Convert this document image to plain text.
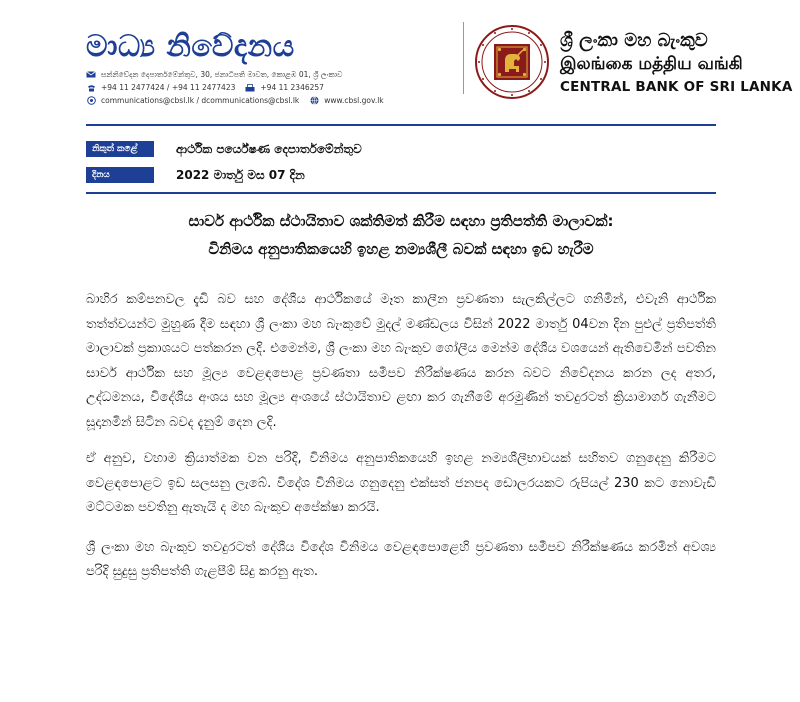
මාධ්‍ය නිවේදනය
සන්නිවේදන දෙපාර්තමේන්තුව, 30, ජනාධිපති මාවත, කොළඹ 01, ශ්‍රී ලංකාව
+94 11 2477424 / +94 11 2477423	+94 11 2346257
communications@cbsl.lk / dcommunications@cbsl.lk	www.cbsl.gov.lk
ශ්‍රී ලංකා මහ බැංකුව
இலங்கை மத்திய வங்கி
CENTRAL BANK OF SRI LANKA
නිකුත් කළේ	ආර්ථික පර්යේෂණ දෙපාර්තමේන්තුව
දිනය	2022 මාර්තු මස 07 දින
සාර්ව ආර්ථික ස්ථායිතාව ශක්තිමත් කිරීම සඳහා ප්‍රතිපත්ති මාලාවක්:
විනිමය අනුපාතිකයෙහි ඉහළ නම්‍යශීලී බවක් සඳහා ඉඩ හැරීම

බාහිර කම්පනවල දැඩි බව සහ දේශීය ආර්ථිකයේ මෑත කාලීන ප්‍රවණතා සැලකිල්ලට ගනිමින්, එවැනි ආර්ථික තත්ත්වයන්ට මුහුණ දීම සඳහා ශ්‍රී ලංකා මහ බැංකුවේ මුදල් මණ්ඩලය විසින් 2022 මාර්තු 04වන දින පුළුල් ප්‍රතිපත්ති මාලාවක් ප්‍රකාශයට පත්කරන ලදි. එමෙන්ම, ශ්‍රී ලංකා මහ බැංකුව ගෝලීය මෙන්ම දේශීය වශයෙන් ඇතිවෙමින් පවතින සාර්ව ආර්ථික සහ මූල්‍ය වෙළඳපොළ ප්‍රවණතා සමීපව නිරීක්ෂණය කරන බවට නිවේදනය කරන ලද අතර, උද්ධමනය, විදේශීය අංශය සහ මූල්‍ය අංශයේ ස්ථායිතාව ළඟා කර ගැනීමේ අරමුණින් තවදුරටත් ක්‍රියාමාර්ග ගැනීමට සූදානමින් සිටින බවද දැනුම් දෙන ලදි.

ඒ අනුව, වහාම ක්‍රියාත්මක වන පරිදි, විනිමය අනුපාතිකයෙහි ඉහළ නම්‍යශීලීභාවයක් සහිතව ගනුදෙනු කිරීමට වෙළඳපොළට ඉඩ සලසනු ලැබේ. විදේශ විනිමය ගනුදෙනු එක්සත් ජනපද ඩොලරයකට රුපියල් 230 කට නොවැඩි මට්ටමක පවතිනු ඇතැයි ද මහ බැංකුව අපේක්ෂා කරයි.

ශ්‍රී ලංකා මහ බැංකුව තවදුරටත් දේශීය විදේශ විනිමය වෙළඳපොළෙහි ප්‍රවණතා සමීපව නිරීක්ෂණය කරමින් අවශ්‍ය පරිදි සුදුසු ප්‍රතිපත්ති ගැළපීම් සිදු කරනු ඇත.
